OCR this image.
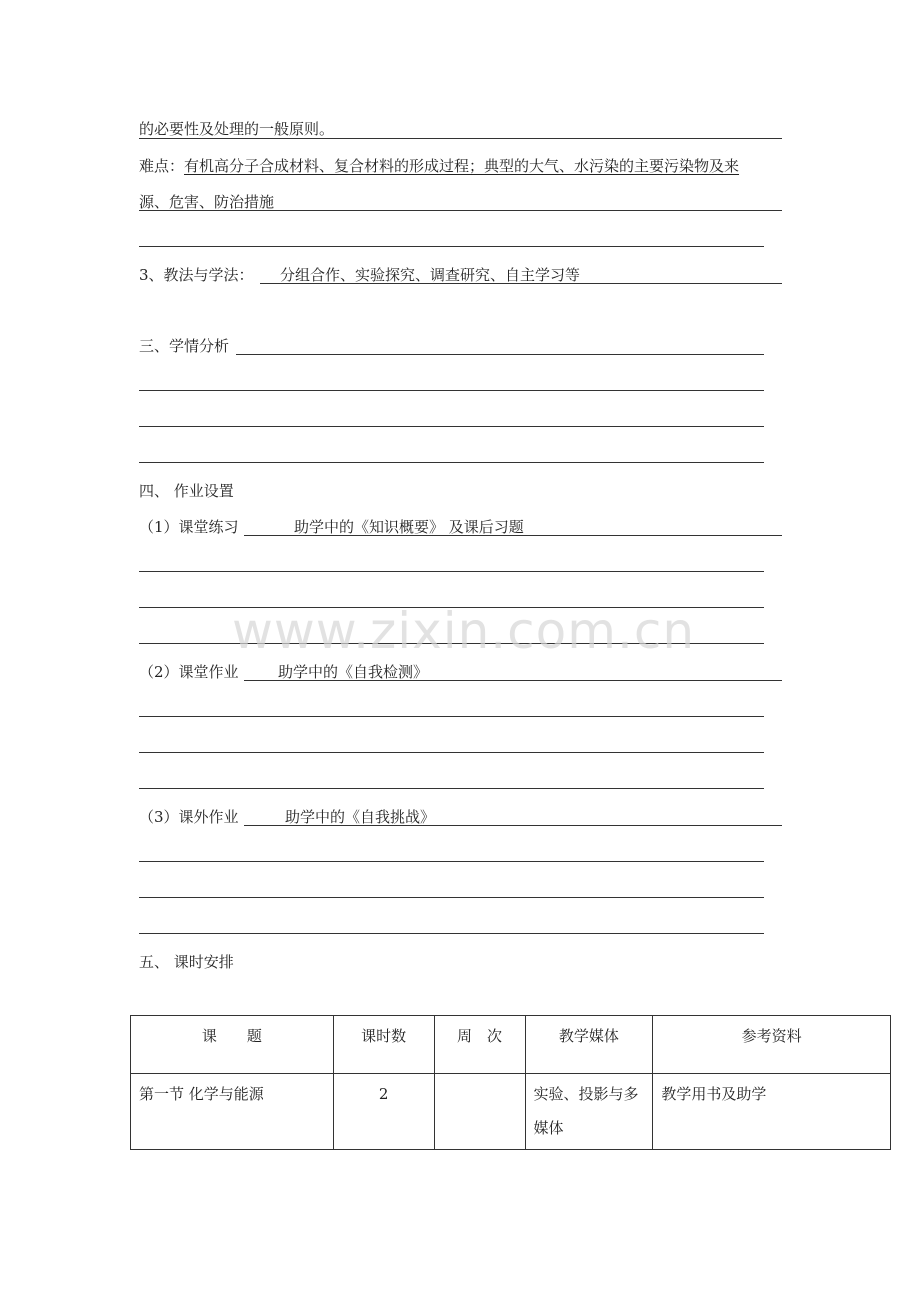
的必要性及处理的一般原则。
难点：有机高分子合成材料、复合材料的形成过程；典型的大气、水污染的主要污染物及来
源、危害、防治措施
3、教法与学法： 分组合作、实验探究、调查研究、自主学习等
三、学情分析
四、 作业设置
（1）课堂练习	助学中的《知识概要》 及课后习题
www.zixin.com.cn
（2）课堂作业	助学中的《自我检测》
（3）课外作业	助学中的《自我挑战》
五、 课时安排
课　　题	课时数	周　次	教学媒体	参考资料
第一节 化学与能源	2		实验、投影与多媒体	教学用书及助学
